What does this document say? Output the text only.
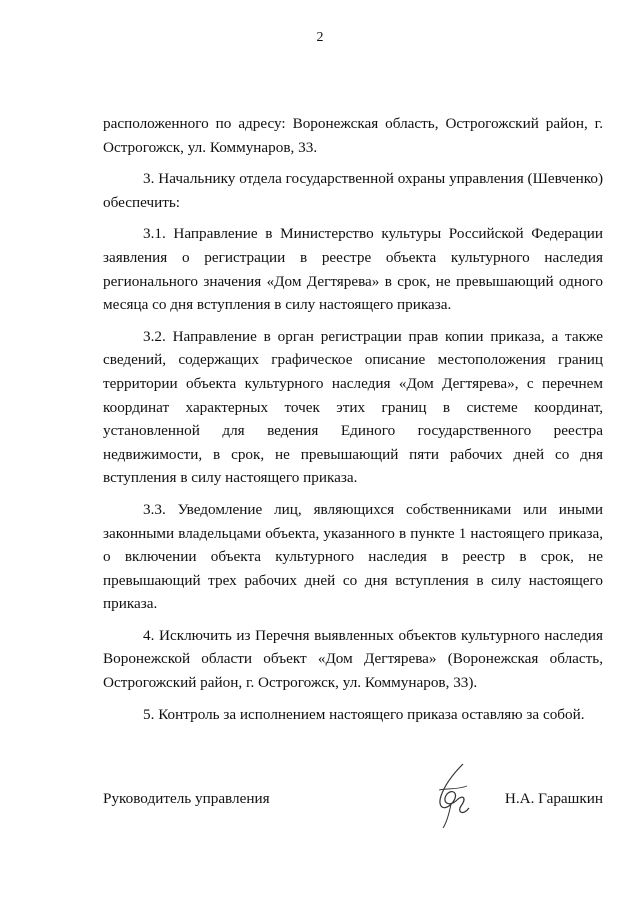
2

расположенного по адресу: Воронежская область, Острогожский район, г. Острогожск, ул. Коммунаров, 33.

3. Начальнику отдела государственной охраны управления (Шевченко) обеспечить:

3.1. Направление в Министерство культуры Российской Федерации заявления о регистрации в реестре объекта культурного наследия регионального значения «Дом Дегтярева» в срок, не превышающий одного месяца со дня вступления в силу настоящего приказа.

3.2. Направление в орган регистрации прав копии приказа, а также сведений, содержащих графическое описание местоположения границ территории объекта культурного наследия «Дом Дегтярева», с перечнем координат характерных точек этих границ в системе координат, установленной для ведения Единого государственного реестра недвижимости, в срок, не превышающий пяти рабочих дней со дня вступления в силу настоящего приказа.

3.3. Уведомление лиц, являющихся собственниками или иными законными владельцами объекта, указанного в пункте 1 настоящего приказа, о включении объекта культурного наследия в реестр в срок, не превышающий трех рабочих дней со дня вступления в силу настоящего приказа.

4. Исключить из Перечня выявленных объектов культурного наследия Воронежской области объект «Дом Дегтярева» (Воронежская область, Острогожский район, г. Острогожск, ул. Коммунаров, 33).

5. Контроль за исполнением настоящего приказа оставляю за собой.

Руководитель управления	Н.А. Гарашкин
